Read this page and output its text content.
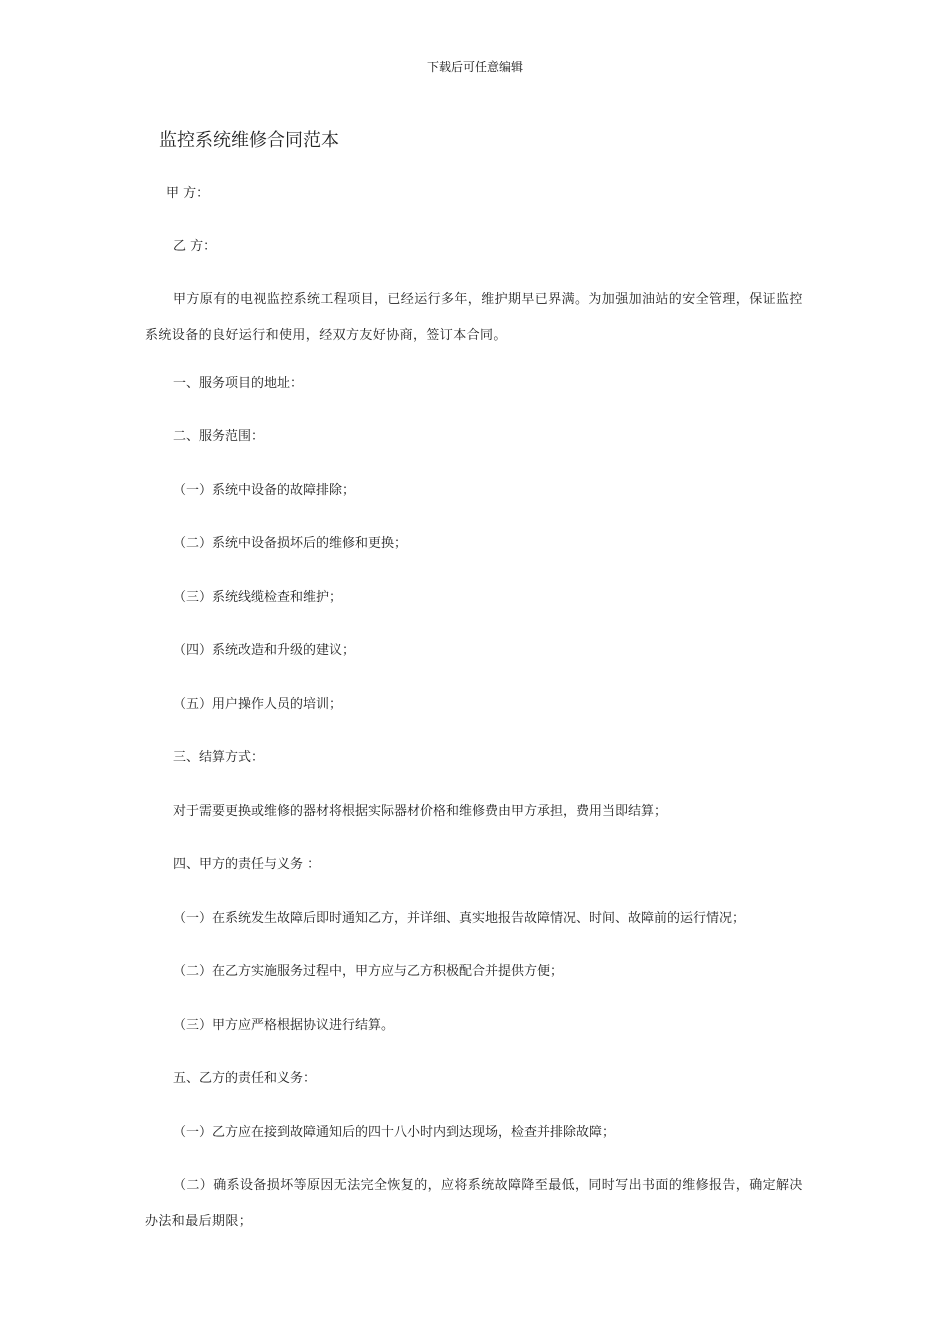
下载后可任意编辑
监控系统维修合同范本
甲 方：
乙 方：
甲方原有的电视监控系统工程项目，已经运行多年，维护期早已界满。为加强加油站的安全管理，保证监控系统设备的良好运行和使用，经双方友好协商，签订本合同。
一、服务项目的地址：
二、服务范围：
（一）系统中设备的故障排除；
（二）系统中设备损坏后的维修和更换；
（三）系统线缆检查和维护；
（四）系统改造和升级的建议；
（五）用户操作人员的培训；
三、结算方式：
对于需要更换或维修的器材将根据实际器材价格和维修费由甲方承担，费用当即结算；
四、甲方的责任与义务 ：
（一）在系统发生故障后即时通知乙方，并详细、真实地报告故障情况、时间、故障前的运行情况；
（二）在乙方实施服务过程中，甲方应与乙方积极配合并提供方便；
（三）甲方应严格根据协议进行结算。
五、乙方的责任和义务：
（一）乙方应在接到故障通知后的四十八小时内到达现场，检查并排除故障；
（二）确系设备损坏等原因无法完全恢复的，应将系统故障降至最低，同时写出书面的维修报告，确定解决办法和最后期限；
